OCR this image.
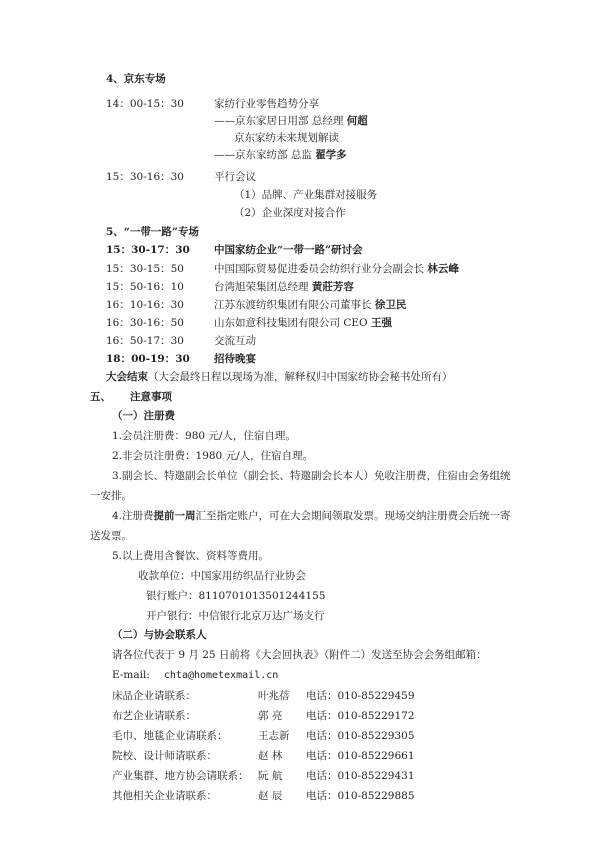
4、京东专场
14：00-15：30	家纺行业零售趋势分享
——京东家居日用部 总经理 何超
京东家纺未来规划解读
——京东家纺部 总监 翟学多
15：30-16：30	平行会议
（1）品牌、产业集群对接服务
（2）企业深度对接合作
5、“一带一路”专场
15：30-17：30 中国家纺企业“一带一路”研讨会
15：30-15：50	中国国际贸易促进委员会纺织行业分会副会长 林云峰
15：50-16：10	台湾旭荣集团总经理 黄莊芳容
16：10-16：30	江苏东渡纺织集团有限公司董事长 徐卫民
16：30-16：50	山东如意科技集团有限公司 CEO 王强
16：50-17：30	交流互动
18：00-19：30 招待晚宴
大会结束（大会最终日程以现场为准，解释权归中国家纺协会秘书处所有）
五、 注意事项
（一）注册费
1.会员注册费：980 元/人，住宿自理。
2.非会员注册费：1980 元/人，住宿自理。
3.副会长、特邀副会长单位（副会长、特邀副会长本人）免收注册费，住宿由会务组统
一安排。
4.注册费提前一周汇至指定账户，可在大会期间领取发票。现场交纳注册费会后统一寄
送发票。
5.以上费用含餐饮、资料等费用。
收款单位：中国家用纺织品行业协会
银行账户：8110701013501244155
开户银行：中信银行北京万达广场支行
（二）与协会联系人
请各位代表于 9 月 25 日前将《大会回执表》（附件二）发送至协会会务组邮箱：
E-mail: chta@hometexmail.cn
床品企业请联系：	叶兆蓓 电话：010-85229459
布艺企业请联系：	郭 亮 电话：010-85229172
毛巾、地毯企业请联系：	王志新 电话：010-85229305
院校、设计师请联系：	赵 林 电话：010-85229661
产业集群、地方协会请联系： 阮 航 电话：010-85229431
其他相关企业请联系：	赵 辰 电话：010-85229885
